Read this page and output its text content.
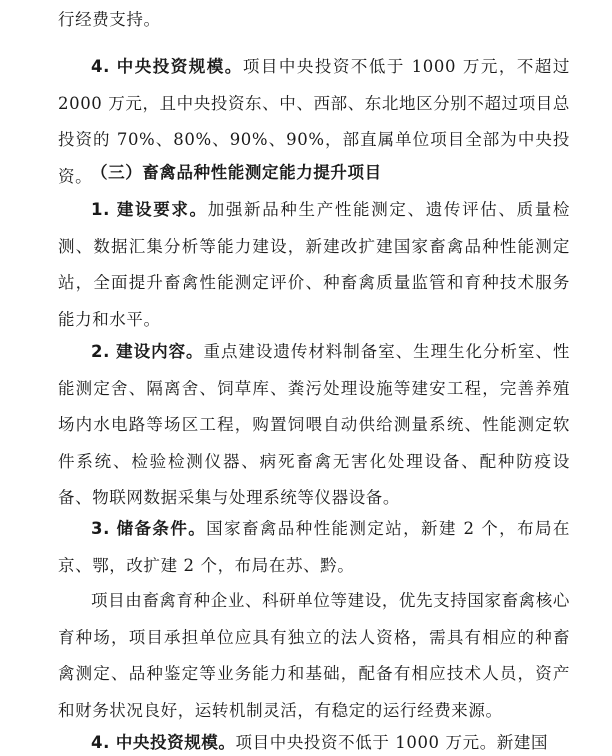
行经费支持。

4. 中央投资规模。项目中央投资不低于 1000 万元，不超过 2000 万元，且中央投资东、中、西部、东北地区分别不超过项目总投资的 70%、80%、90%、90%，部直属单位项目全部为中央投资。

（三）畜禽品种性能测定能力提升项目

1. 建设要求。加强新品种生产性能测定、遗传评估、质量检测、数据汇集分析等能力建设，新建改扩建国家畜禽品种性能测定站，全面提升畜禽性能测定评价、种畜禽质量监管和育种技术服务能力和水平。

2. 建设内容。重点建设遗传材料制备室、生理生化分析室、性能测定舍、隔离舍、饲草库、粪污处理设施等建安工程，完善养殖场内水电路等场区工程，购置饲喂自动供给测量系统、性能测定软件系统、检验检测仪器、病死畜禽无害化处理设备、配种防疫设备、物联网数据采集与处理系统等仪器设备。

3. 储备条件。国家畜禽品种性能测定站，新建 2 个，布局在京、鄂，改扩建 2 个，布局在苏、黔。

项目由畜禽育种企业、科研单位等建设，优先支持国家畜禽核心育种场，项目承担单位应具有独立的法人资格，需具有相应的种畜禽测定、品种鉴定等业务能力和基础，配备有相应技术人员，资产和财务状况良好，运转机制灵活，有稳定的运行经费来源。

4. 中央投资规模。项目中央投资不低于 1000 万元。新建国
